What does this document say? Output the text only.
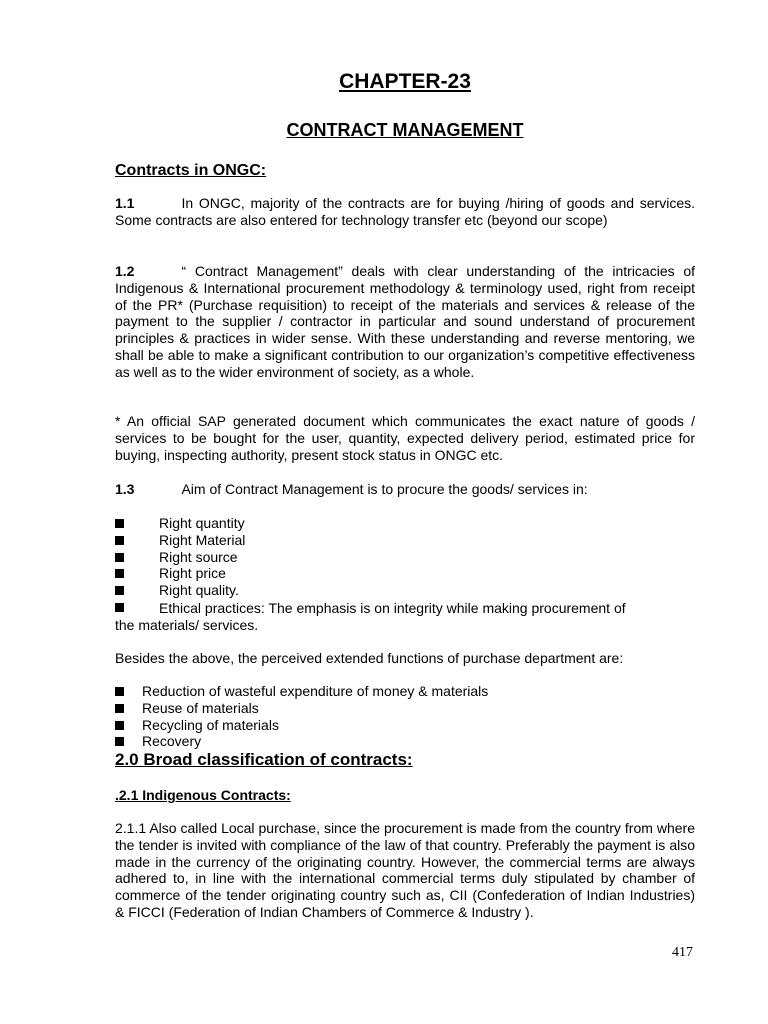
CHAPTER-23
CONTRACT MANAGEMENT
Contracts in ONGC:

1.1	In ONGC, majority of the contracts are for buying /hiring of goods and services. Some contracts are also entered for technology transfer etc (beyond our scope)

1.2	“ Contract Management” deals with clear understanding of the intricacies of Indigenous & International procurement methodology & terminology used, right from receipt of the PR* (Purchase requisition) to receipt of the materials and services & release of the payment to the supplier / contractor in particular and sound understand of procurement principles & practices in wider sense. With these understanding and reverse mentoring, we shall be able to make a significant contribution to our organization’s competitive effectiveness as well as to the wider environment of society, as a whole.

* An official SAP generated document which communicates the exact nature of goods / services to be bought for the user, quantity, expected delivery period, estimated price for buying, inspecting authority, present stock status in ONGC etc.

1.3	Aim of Contract Management is to procure the goods/ services in:

Right quantity
Right Material
Right source
Right price
Right quality.

Ethical practices: The emphasis is on integrity while making procurement of
the materials/ services.

Besides the above, the perceived extended functions of purchase department are:

Reduction of wasteful expenditure of money & materials
Reuse of materials
Recycling of materials
Recovery
2.0 Broad classification of contracts:
.2.1 Indigenous Contracts:

2.1.1 Also called Local purchase, since the procurement is made from the country from where the tender is invited with compliance of the law of that country. Preferably the payment is also made in the currency of the originating country. However, the commercial terms are always adhered to, in line with the international commercial terms duly stipulated by chamber of commerce of the tender originating country such as, CII (Confederation of Indian Industries) & FICCI (Federation of Indian Chambers of Commerce & Industry ).

417
